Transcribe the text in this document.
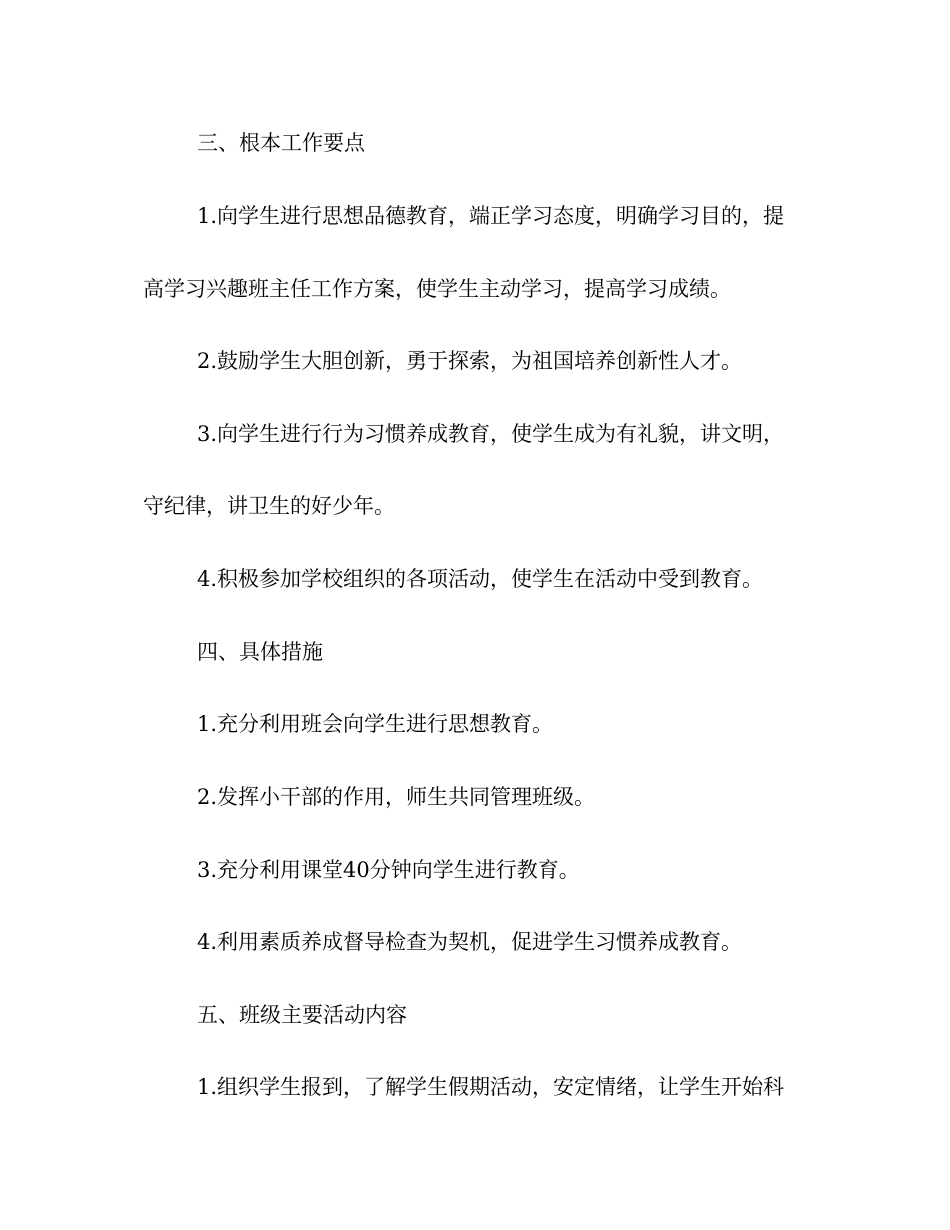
三、根本工作要点

1.向学生进行思想品德教育，端正学习态度，明确学习目的，提

高学习兴趣班主任工作方案，使学生主动学习，提高学习成绩。

2.鼓励学生大胆创新，勇于探索，为祖国培养创新性人才。

3.向学生进行行为习惯养成教育，使学生成为有礼貌，讲文明，

守纪律，讲卫生的好少年。

4.积极参加学校组织的各项活动，使学生在活动中受到教育。

四、具体措施

1.充分利用班会向学生进行思想教育。

2.发挥小干部的作用，师生共同管理班级。

3.充分利用课堂40分钟向学生进行教育。

4.利用素质养成督导检查为契机，促进学生习惯养成教育。

五、班级主要活动内容

1.组织学生报到，了解学生假期活动，安定情绪，让学生开始科
